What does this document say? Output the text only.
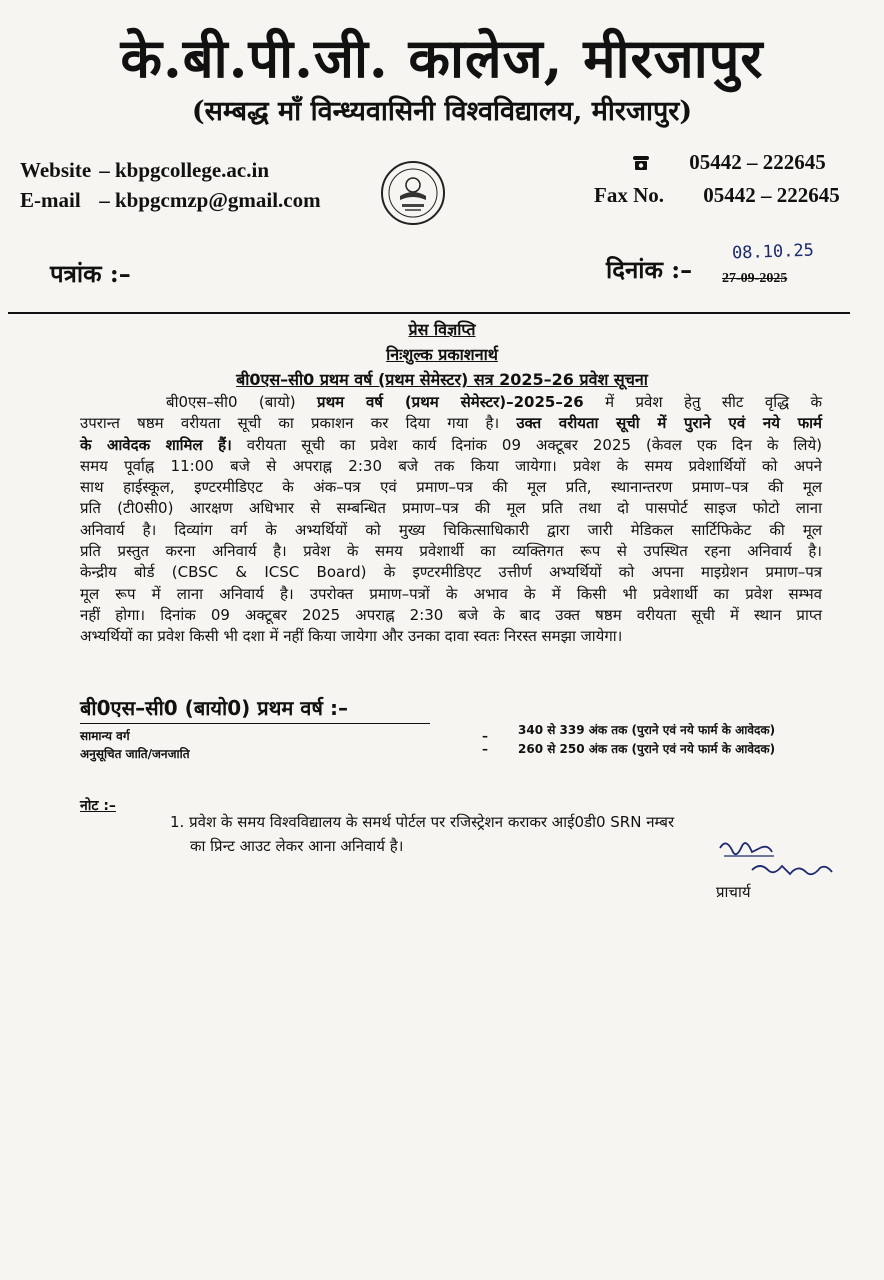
के.बी.पी.जी. कालेज, मीरजापुर
(सम्बद्ध माँ विन्ध्यवासिनी विश्वविद्यालय, मीरजापुर)
Website – kbpgcollege.ac.in
E-mail – kbpgcmzp@gmail.com
05442 – 222645
Fax No. 05442 – 222645
पत्रांक :–	दिनांक :–
08.10.25
27-09-2025
प्रेस विज्ञप्ति
निःशुल्क प्रकाशनार्थ
बी0एस–सी0 प्रथम वर्ष (प्रथम सेमेस्टर) सत्र 2025–26 प्रवेश सूचना
बी0एस–सी0 (बायो) प्रथम वर्ष (प्रथम सेमेस्टर)–2025–26 में प्रवेश हेतु सीट वृद्धि के
उपरान्त षष्ठम वरीयता सूची का प्रकाशन कर दिया गया है। उक्त वरीयता सूची में पुराने एवं नये फार्म
के आवेदक शामिल हैं। वरीयता सूची का प्रवेश कार्य दिनांक 09 अक्टूबर 2025 (केवल एक दिन के लिये)
समय पूर्वाह्न 11:00 बजे से अपराह्न 2:30 बजे तक किया जायेगा। प्रवेश के समय प्रवेशार्थियों को अपने
साथ हाईस्कूल, इण्टरमीडिएट के अंक–पत्र एवं प्रमाण–पत्र की मूल प्रति, स्थानान्तरण प्रमाण–पत्र की मूल
प्रति (टी0सी0) आरक्षण अधिभार से सम्बन्धित प्रमाण–पत्र की मूल प्रति तथा दो पासपोर्ट साइज फोटो लाना
अनिवार्य है। दिव्यांग वर्ग के अभ्यर्थियों को मुख्य चिकित्साधिकारी द्वारा जारी मेडिकल सार्टिफिकेट की मूल
प्रति प्रस्तुत करना अनिवार्य है। प्रवेश के समय प्रवेशार्थी का व्यक्तिगत रूप से उपस्थित रहना अनिवार्य है।
केन्द्रीय बोर्ड (CBSC & ICSC Board) के इण्टरमीडिएट उत्तीर्ण अभ्यर्थियों को अपना माइग्रेशन प्रमाण–पत्र
मूल रूप में लाना अनिवार्य है। उपरोक्त प्रमाण–पत्रों के अभाव के में किसी भी प्रवेशार्थी का प्रवेश सम्भव
नहीं होगा। दिनांक 09 अक्टूबर 2025 अपराह्न 2:30 बजे के बाद उक्त षष्ठम वरीयता सूची में स्थान प्राप्त
अभ्यर्थियों का प्रवेश किसी भी दशा में नहीं किया जायेगा और उनका दावा स्वतः निरस्त समझा जायेगा।
बी0एस–सी0 (बायो0) प्रथम वर्ष :–
सामान्य वर्ग	–	340 से 339 अंक तक (पुराने एवं नये फार्म के आवेदक)
अनुसूचित जाति/जनजाति	–	260 से 250 अंक तक (पुराने एवं नये फार्म के आवेदक)
नोट :–
1. प्रवेश के समय विश्वविद्यालय के समर्थ पोर्टल पर रजिस्ट्रेशन कराकर आई0डी0 SRN नम्बर
का प्रिन्ट आउट लेकर आना अनिवार्य है।
प्राचार्य
